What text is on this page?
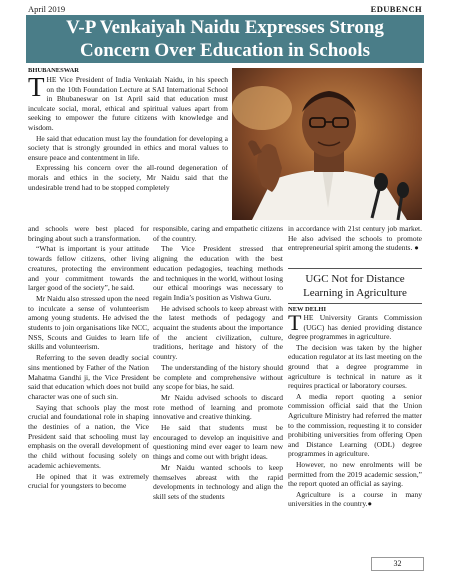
April 2019	EDUBENCH
V-P Venkaiyah Naidu Expresses Strong
Concern Over Education in Schools
BHUBANESWAR

THE Vice President of India Venkaiah Naidu, in his speech on the 10th Foundation Lecture at SAI International School in Bhubaneswar on 1st April said that education must inculcate social, moral, ethical and spiritual values apart from seeking to empower the future citizens with knowledge and wisdom.

He said that education must lay the foundation for developing a society that is strongly grounded in ethics and moral values to ensure peace and contentment in life.

Expressing his concern over the all-round degeneration of morals and ethics in the society, Mr Naidu said that the undesirable trend had to be stopped completely

and schools were best placed for bringing about such a transformation.

“What is important is your attitude towards fellow citizens, other living creatures, protecting the environment and your commitment towards the larger good of the society”, he said.

Mr Naidu also stressed upon the need to inculcate a sense of volunteerism among young students. He advised the students to join organisations like NCC, NSS, Scouts and Guides to learn life skills and volunteerism.

Referring to the seven deadly social sins mentioned by Father of the Nation Mahatma Gandhi ji, the Vice President said that education which does not build character was one of such sin.

Saying that schools play the most crucial and foundational role in shaping the destinies of a nation, the Vice President said that schooling must lay emphasis on the overall development of the child without focusing solely on academic achievements.

He opined that it was extremely crucial for youngsters to become

responsible, caring and empathetic citizens of the country.

The Vice President stressed that aligning the education with the best education pedagogies, teaching methods and techniques in the world, without losing our ethical moorings was necessary to regain India’s position as Vishwa Guru.

He advised schools to keep abreast with the latest methods of pedagogy and acquaint the students about the importance of the ancient civilization, culture, traditions, heritage and history of the country.

The understanding of the history should be complete and comprehensive without any scope for bias, he said.

Mr Naidu advised schools to discard rote method of learning and promote innovative and creative thinking.

He said that students must be encouraged to develop an inquisitive and questioning mind ever eager to learn new things and come out with bright ideas.

Mr Naidu wanted schools to keep themselves abreast with the rapid developments in technology and align the skill sets of the students

in accordance with 21st century job market. He also advised the schools to promote entrepreneurial spirit among the students. ●

UGC Not for Distance
Learning in Agriculture
NEW DELHI

THE University Grants Commission (UGC) has denied providing distance degree programmes in agriculture.

The decision was taken by the higher education regulator at its last meeting on the ground that a degree programme in agriculture is technical in nature as it requires practical or laboratory courses.

A media report quoting a senior commission official said that the Union Agriculture Ministry had referred the matter to the commission, requesting it to consider prohibiting universities from offering Open and Distance Learning (ODL) degree programmes in agriculture.

However, no new enrolments will be permitted from the 2019 academic session,” the report quoted an official as saying.

Agriculture is a course in many universities in the country.●

32
